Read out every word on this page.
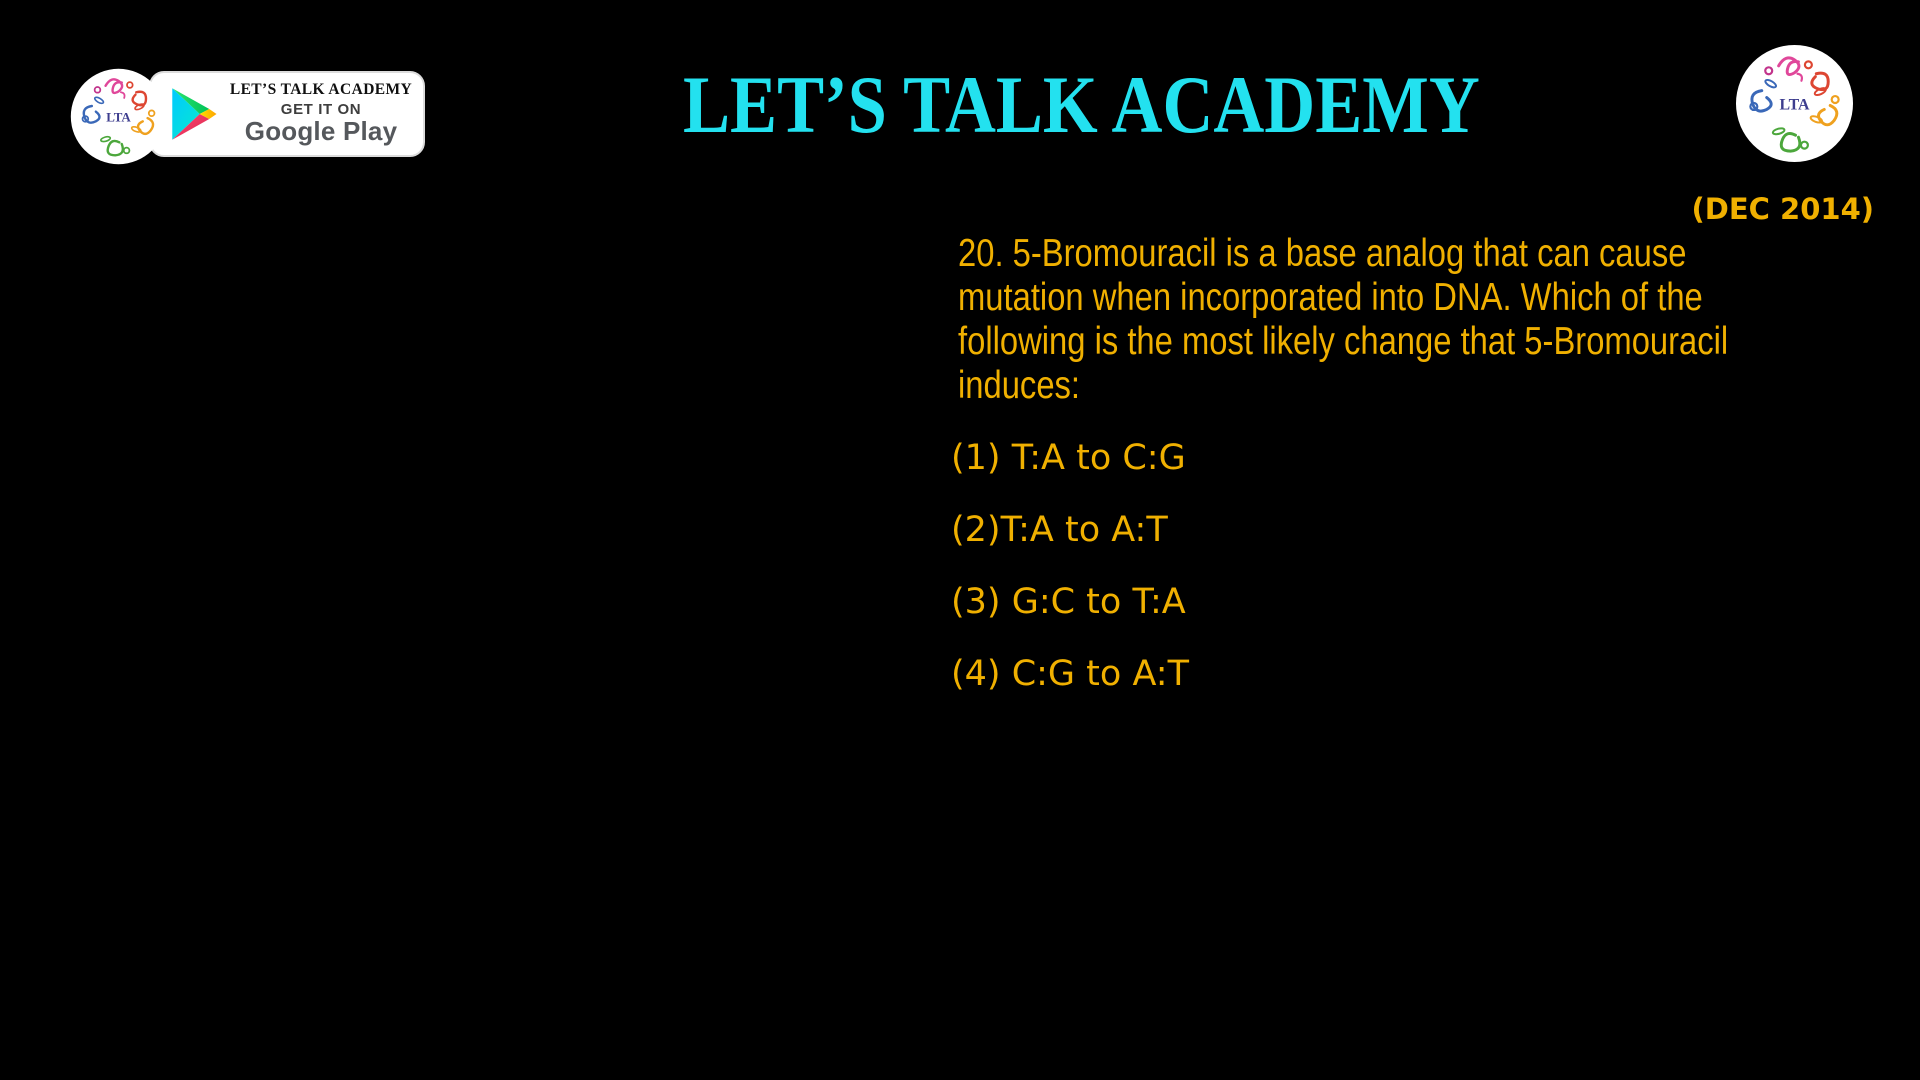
LTA
LET’S TALK ACADEMY
GET IT ON
Google Play	LET’S TALK ACADEMY	LTA
(DEC 2014)
20. 5-Bromouracil is a base analog that can cause
mutation when incorporated into DNA. Which of the
following is the most likely change that 5-Bromouracil
induces:
(1) T:A to C:G
(2)T:A to A:T
(3) G:C to T:A
(4) C:G to A:T
